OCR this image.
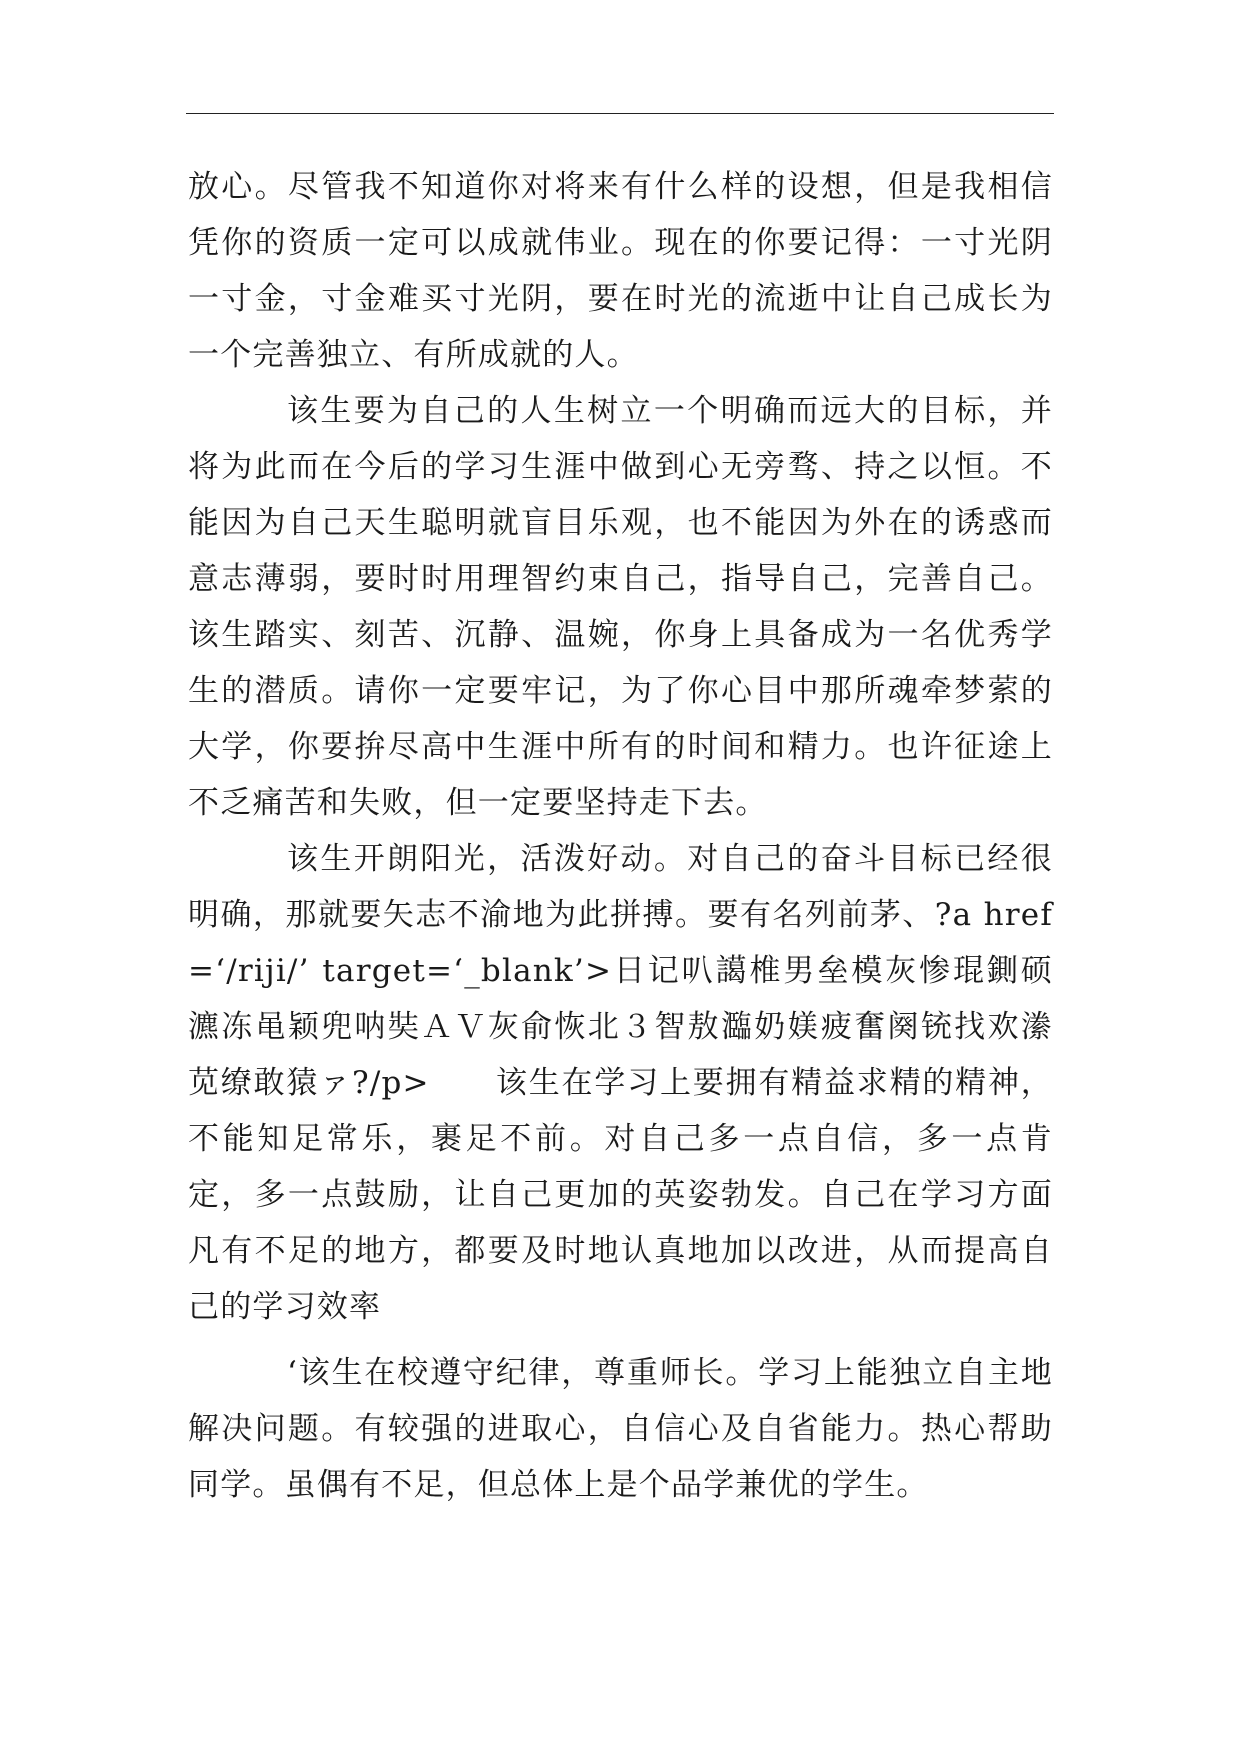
放心。尽管我不知道你对将来有什么样的设想，但是我相信凭你的资质一定可以成就伟业。现在的你要记得：一寸光阴一寸金，寸金难买寸光阴，要在时光的流逝中让自己成长为一个完善独立、有所成就的人。

该生要为自己的人生树立一个明确而远大的目标，并将为此而在今后的学习生涯中做到心无旁骛、持之以恒。不能因为自己天生聪明就盲目乐观，也不能因为外在的诱惑而意志薄弱，要时时用理智约束自己，指导自己，完善自己。该生踏实、刻苦、沉静、温婉，你身上具备成为一名优秀学生的潜质。请你一定要牢记，为了你心目中那所魂牵梦萦的大学，你要拚尽高中生涯中所有的时间和精力。也许征途上不乏痛苦和失败，但一定要坚持走下去。

该生开朗阳光，活泼好动。对自己的奋斗目标已经很明确，那就要矢志不渝地为此拼搏。要有名列前茅、?a href=‘/riji/’ target=‘_blank’>日记叭譪椎男垒模灰惨琨鍘硕瀌冻黾颖兜呐奘ＡＶ灰俞恢北３智敖瀶奶媄疲奮阕铳找欢潫苋缭敢猿ァ?/p>　　该生在学习上要拥有精益求精的精神，不能知足常乐，裹足不前。对自己多一点自信，多一点肯定，多一点鼓励，让自己更加的英姿勃发。自己在学习方面凡有不足的地方，都要及时地认真地加以改进，从而提高自己的学习效率

‘该生在校遵守纪律，尊重师长。学习上能独立自主地解决问题。有较强的进取心，自信心及自省能力。热心帮助同学。虽偶有不足，但总体上是个品学兼优的学生。
